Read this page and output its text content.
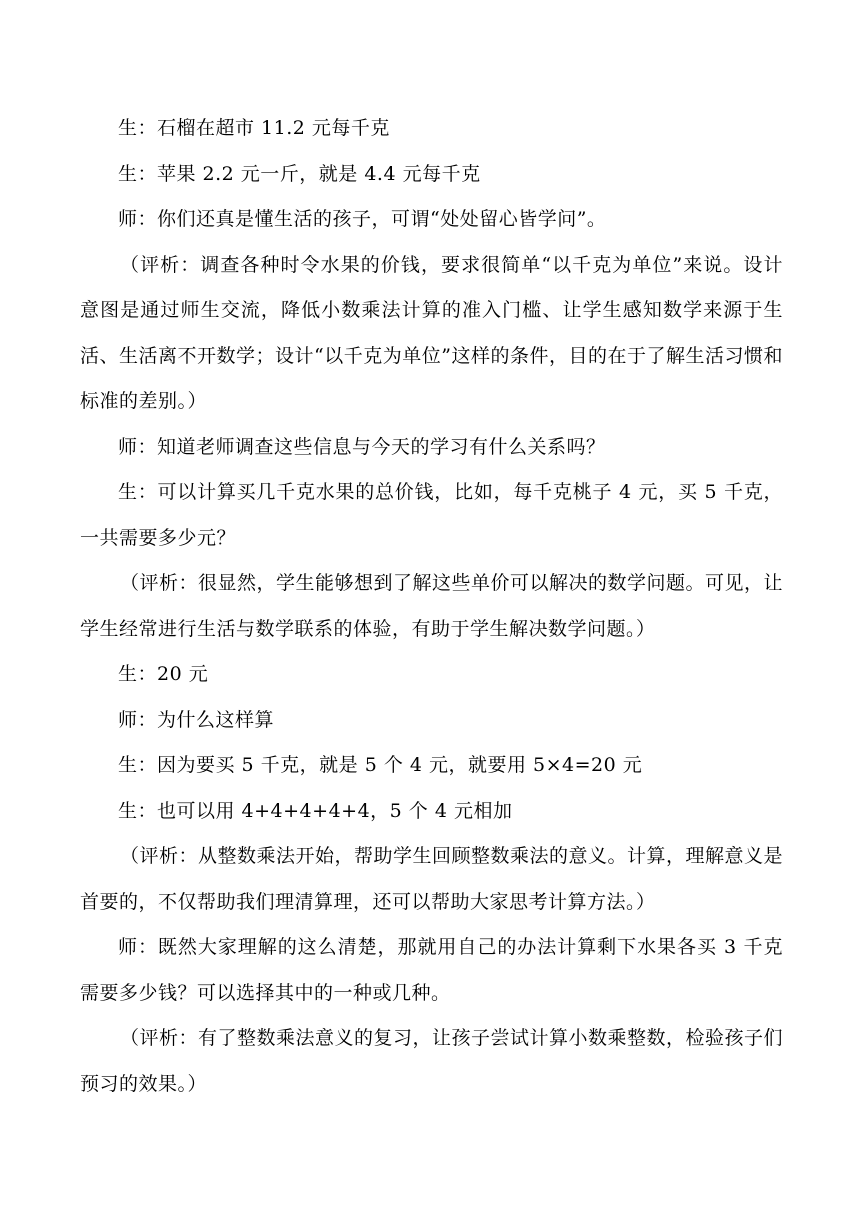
生：石榴在超市 11.2 元每千克

生：苹果 2.2 元一斤，就是 4.4 元每千克

师：你们还真是懂生活的孩子，可谓“处处留心皆学问”。

（评析：调查各种时令水果的价钱，要求很简单“以千克为单位”来说。设计意图是通过师生交流，降低小数乘法计算的准入门槛、让学生感知数学来源于生活、生活离不开数学；设计“以千克为单位”这样的条件，目的在于了解生活习惯和标准的差别。）

师：知道老师调查这些信息与今天的学习有什么关系吗？

生：可以计算买几千克水果的总价钱，比如，每千克桃子 4 元，买 5 千克，一共需要多少元？

（评析：很显然，学生能够想到了解这些单价可以解决的数学问题。可见，让学生经常进行生活与数学联系的体验，有助于学生解决数学问题。）

生：20 元

师：为什么这样算

生：因为要买 5 千克，就是 5 个 4 元，就要用 5×4=20 元

生：也可以用 4+4+4+4+4，5 个 4 元相加

（评析：从整数乘法开始，帮助学生回顾整数乘法的意义。计算，理解意义是首要的，不仅帮助我们理清算理，还可以帮助大家思考计算方法。）

师：既然大家理解的这么清楚，那就用自己的办法计算剩下水果各买 3 千克需要多少钱？可以选择其中的一种或几种。

（评析：有了整数乘法意义的复习，让孩子尝试计算小数乘整数，检验孩子们预习的效果。）
